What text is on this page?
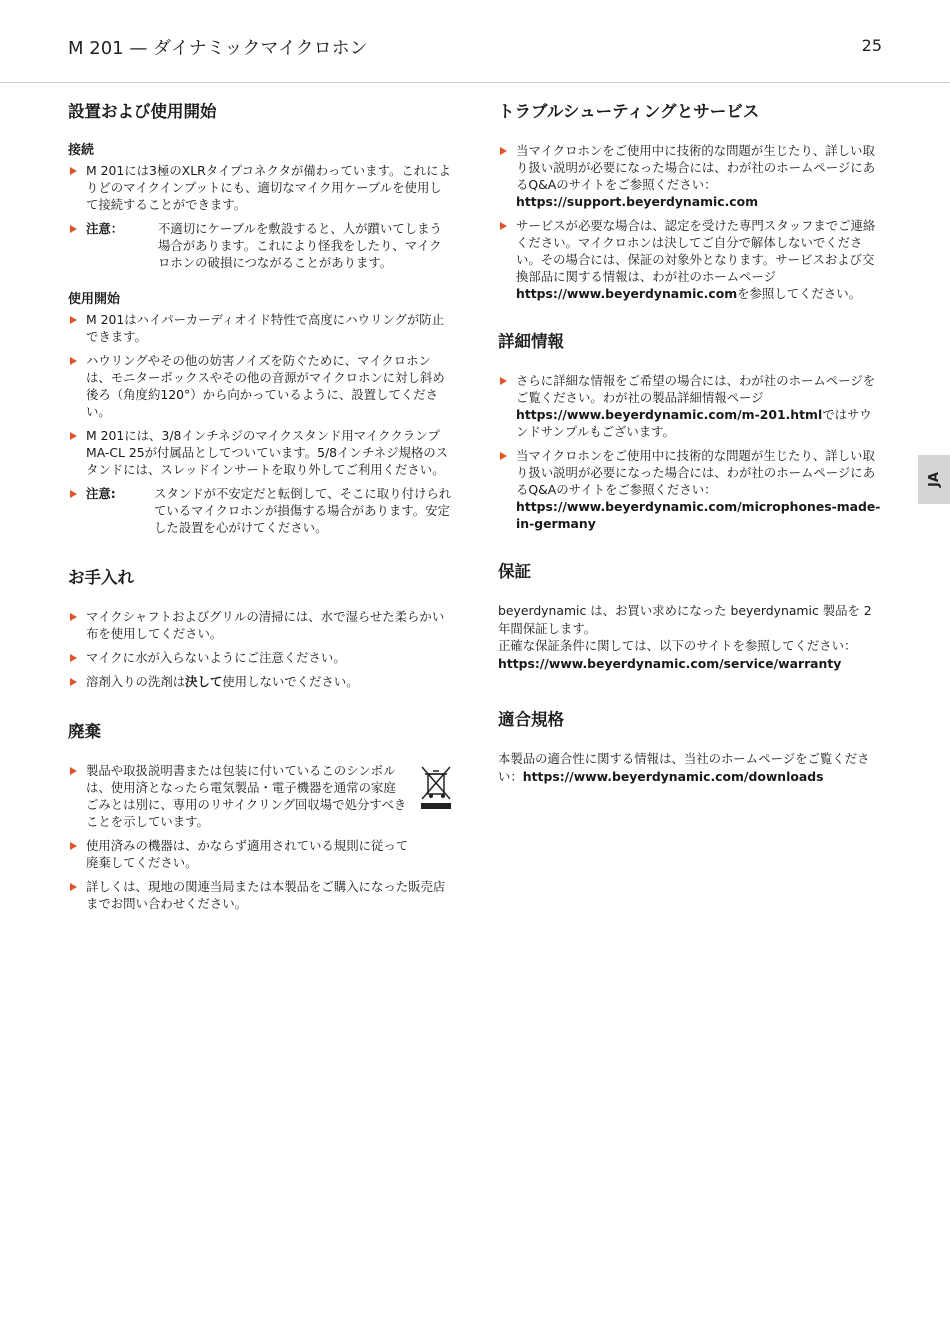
M 201 — ダイナミックマイクロホン	25
JA
設置および使用開始
接続
M 201には3極のXLRタイプコネクタが備わっています。これによりどのマイクインプットにも、適切なマイク用ケーブルを使用して接続することができます。
注意：	不適切にケーブルを敷設すると、人が躓いてしまう場合があります。これにより怪我をしたり、マイクロホンの破損につながることがあります。
使用開始
M 201はハイパーカーディオイド特性で高度にハウリングが防止できます。
ハウリングやその他の妨害ノイズを防ぐために、マイクロホンは、モニターボックスやその他の音源がマイクロホンに対し斜め後ろ（角度約120°）から向かっているように、設置してください。
M 201には、3/8インチネジのマイクスタンド用マイククランプMA-CL 25が付属品としてついています。5/8インチネジ規格のスタンドには、スレッドインサートを取り外してご利用ください。
注意:	スタンドが不安定だと転倒して、そこに取り付けられているマイクロホンが損傷する場合があります。安定した設置を心がけてください。
お手入れ
マイクシャフトおよびグリルの清掃には、水で湿らせた柔らかい布を使用してください。
マイクに水が入らないようにご注意ください。
溶剤入りの洗剤は決して使用しないでください。
廃棄
製品や取扱説明書または包装に付いているこのシンボルは、使用済となったら電気製品・電子機器を通常の家庭ごみとは別に、専用のリサイクリング回収場で処分すべきことを示しています。
使用済みの機器は、かならず適用されている規則に従って廃棄してください。
詳しくは、現地の関連当局または本製品をご購入になった販売店までお問い合わせください。
トラブルシューティングとサービス
当マイクロホンをご使用中に技術的な問題が生じたり、詳しい取り扱い説明が必要になった場合には、わが社のホームページにあるQ&Aのサイトをご参照ください：
https://support.beyerdynamic.com
サービスが必要な場合は、認定を受けた専門スタッフまでご連絡ください。マイクロホンは決してご自分で解体しないでください。その場合には、保証の対象外となります。サービスおよび交換部品に関する情報は、わが社のホームページ https://www.beyerdynamic.comを参照してください。
詳細情報
さらに詳細な情報をご希望の場合には、わが社のホームページをご覧ください。わが社の製品詳細情報ページ https://www.beyerdynamic.com/m-201.htmlではサウンドサンプルもございます。
当マイクロホンをご使用中に技術的な問題が生じたり、詳しい取り扱い説明が必要になった場合には、わが社のホームページにあるQ&Aのサイトをご参照ください：
https://www.beyerdynamic.com/microphones-made-in-germany
保証

beyerdynamic は、お買い求めになった beyerdynamic 製品を 2 年間保証します。
正確な保証条件に関しては、以下のサイトを参照してください：
https://www.beyerdynamic.com/service/warranty

適合規格

本製品の適合性に関する情報は、当社のホームページをご覧ください：https://www.beyerdynamic.com/downloads
